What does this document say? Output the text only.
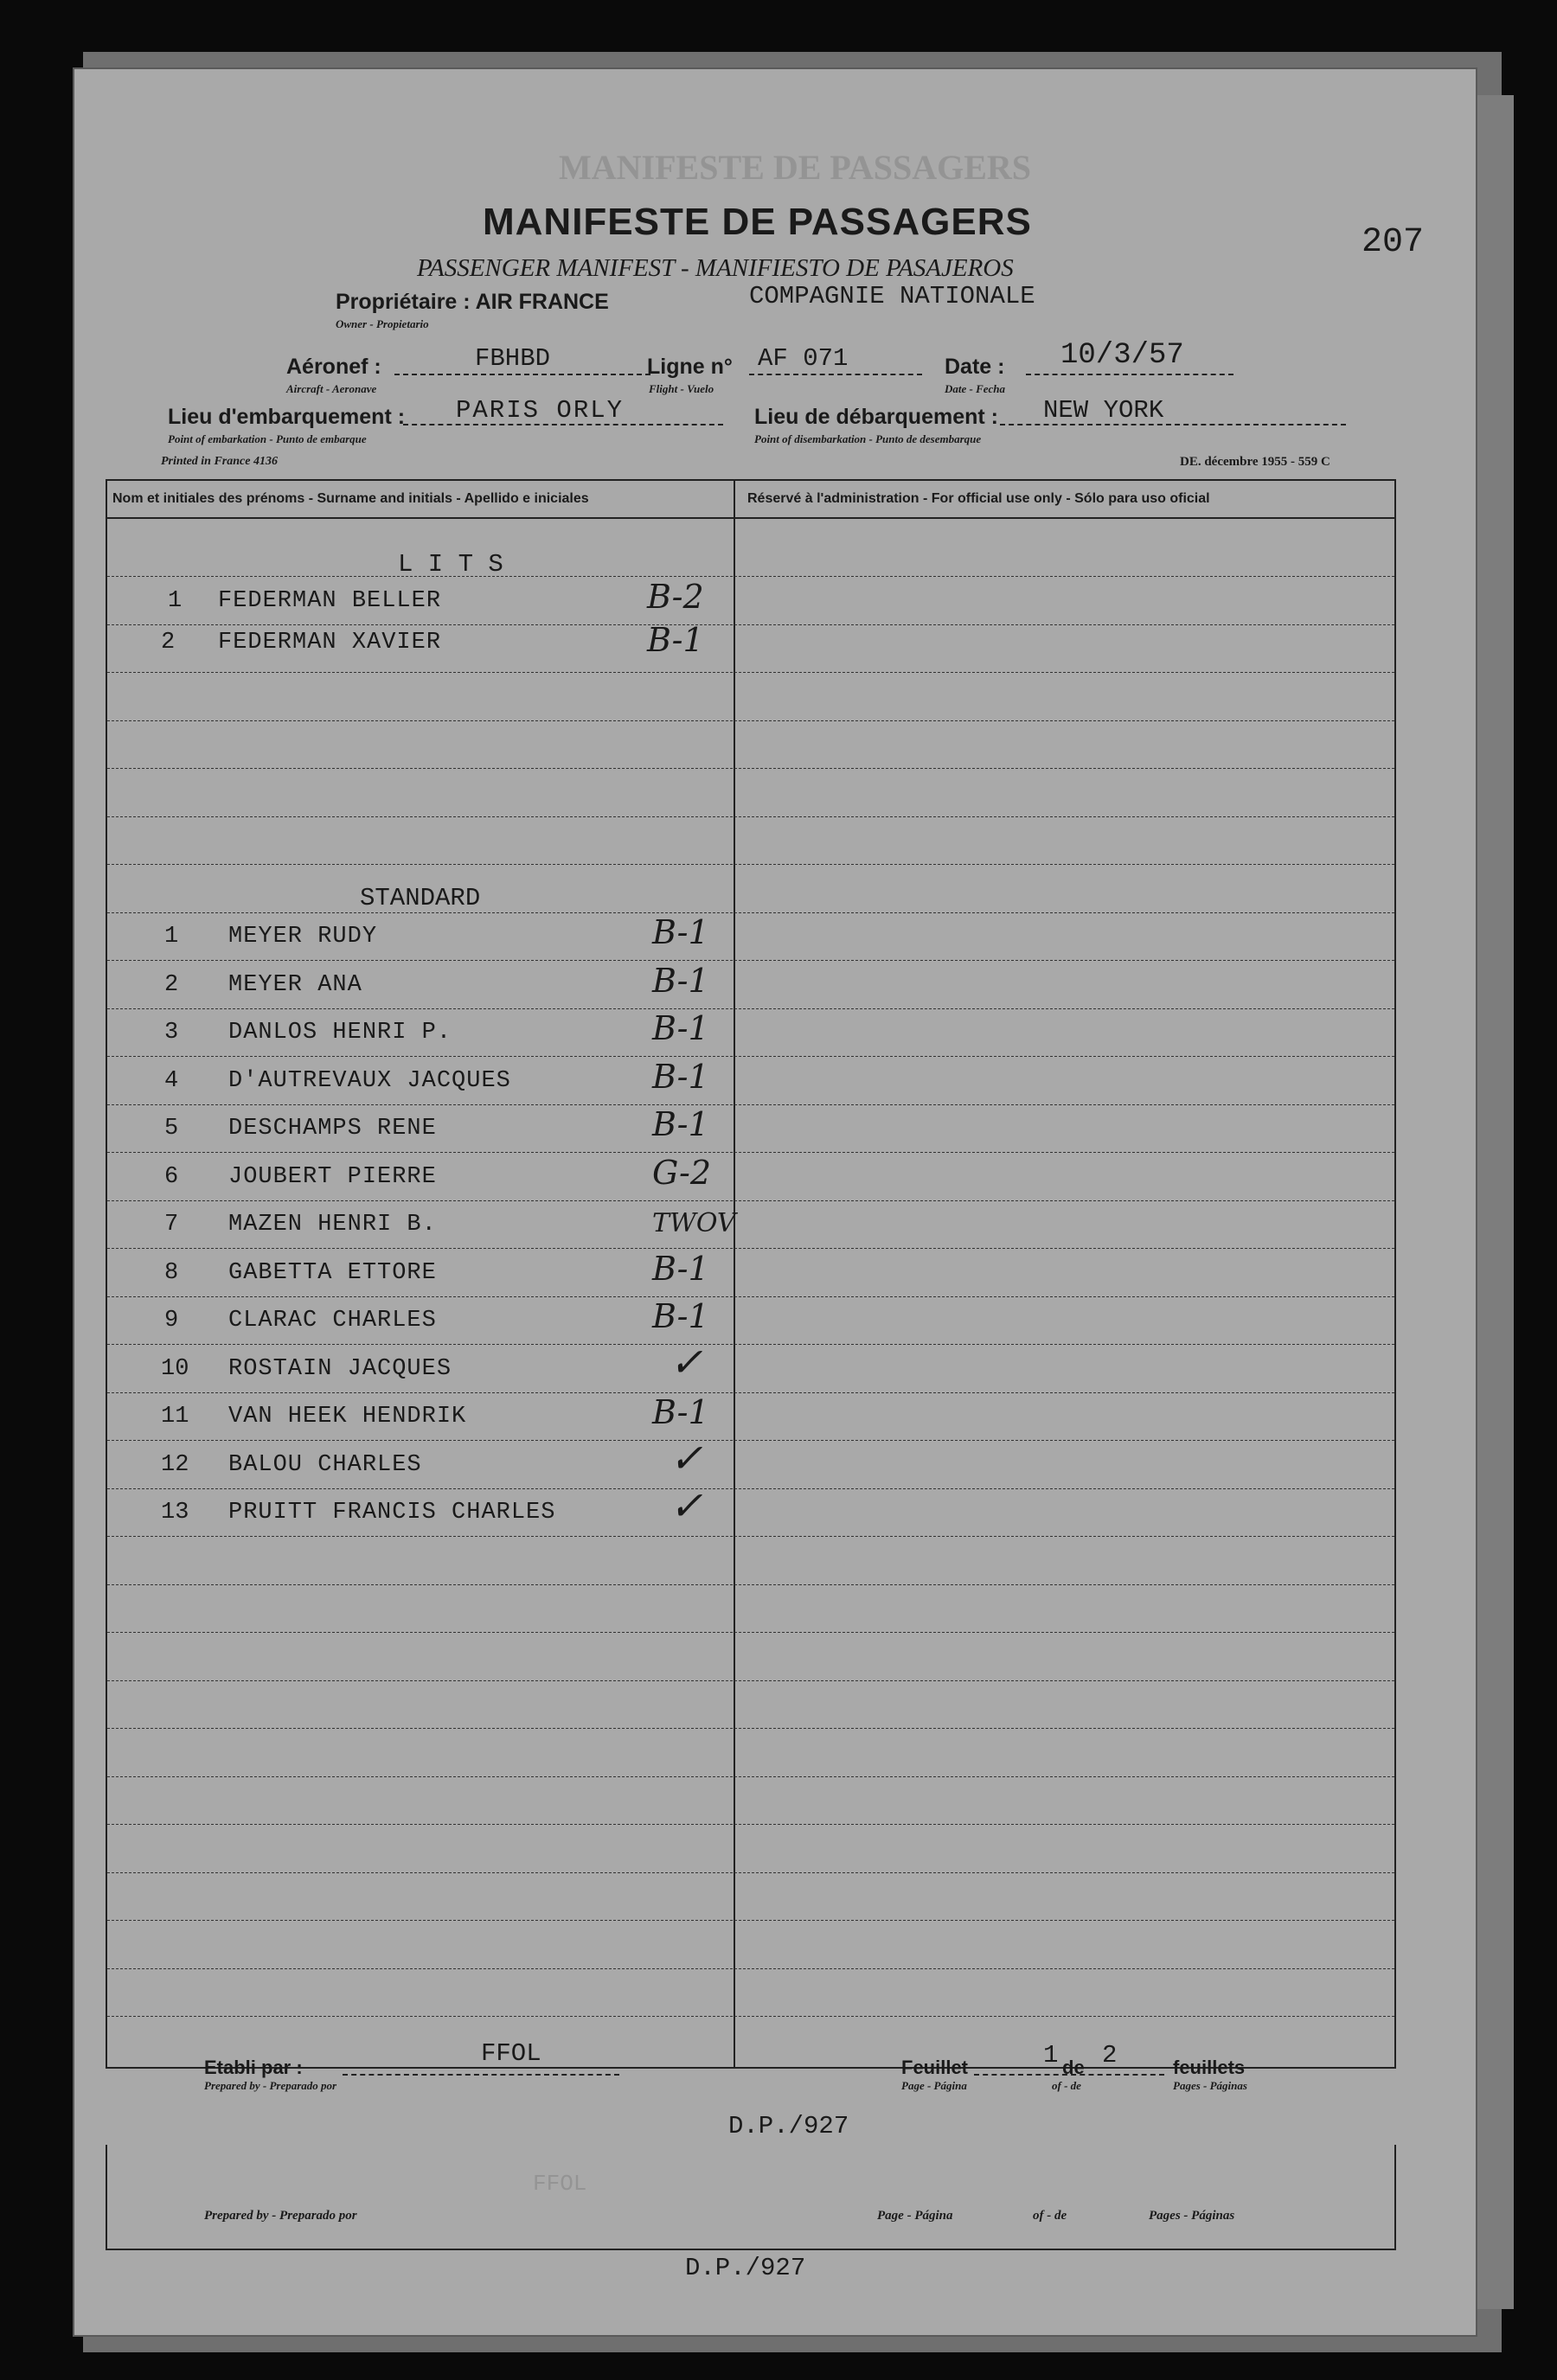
MANIFESTE DE PASSAGERS
207
MANIFESTE DE PASSAGERS
PASSENGER MANIFEST - MANIFIESTO DE PASAJEROS
Propriétaire : AIR FRANCE
Owner - Propietario
COMPAGNIE NATIONALE
Aéronef :
Aircraft - Aeronave
FBHBD	Ligne n°
Flight - Vuelo
AF 071	Date :
Date - Fecha
10/3/57
Lieu d'embarquement :
Point of embarkation - Punto de embarque
PARIS ORLY	Lieu de débarquement :
Point of disembarkation - Punto de desembarque
NEW YORK
Printed in France 4136	DE. décembre 1955 - 559 C
Nom et initiales des prénoms - Surname and initials - Apellido e iniciales	Réservé à l'administration - For official use only - Sólo para uso oficial
L I T S
1 FEDERMAN BELLER	B-2
2 FEDERMAN XAVIER	B-1
STANDARD
1 MEYER RUDY	B-1
2 MEYER ANA	B-1
3 DANLOS HENRI P.	B-1
4 D'AUTREVAUX JACQUES	B-1
5 DESCHAMPS RENE	B-1
6 JOUBERT PIERRE	G-2
7 MAZEN HENRI B.	TWOV
8 GABETTA ETTORE	B-1
9 CLARAC CHARLES	B-1
10 ROSTAIN JACQUES	✓
11 VAN HEEK HENDRIK	B-1
12 BALOU CHARLES	✓
13 PRUITT FRANCIS CHARLES	✓
Etabli par :
Prepared by - Preparado por
FFOL	Feuillet
Page - Página
1 de
of - de
2	feuillets
Pages - Páginas
D.P./927
FFOL
Prepared by - Preparado por	Page - Página	of - de	Pages - Páginas
D.P./927
